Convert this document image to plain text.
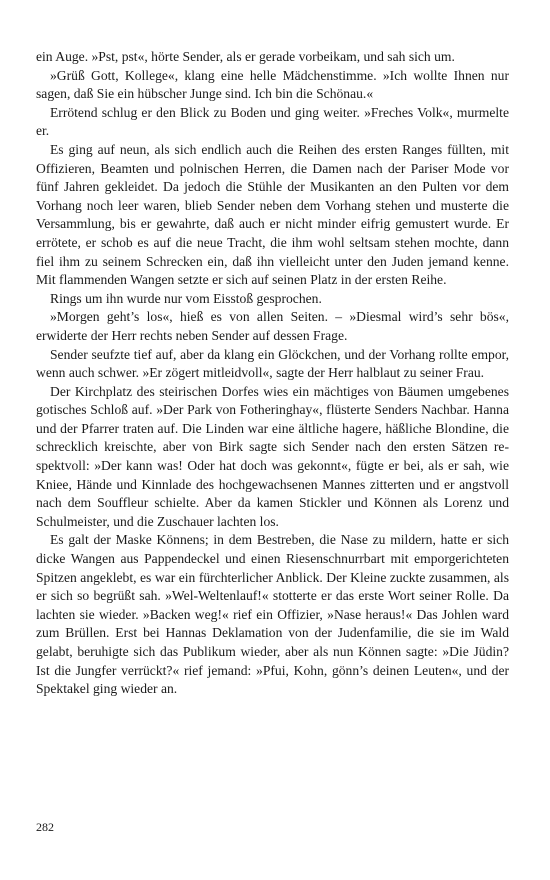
ein Auge. »Pst, pst«, hörte Sender, als er gerade vorbeikam, und sah sich um.

»Grüß Gott, Kollege«, klang eine helle Mädchenstimme. »Ich wollte Ihnen nur sagen, daß Sie ein hübscher Junge sind. Ich bin die Schönau.«

Errötend schlug er den Blick zu Boden und ging weiter. »Freches Volk«, murmelte er.

Es ging auf neun, als sich endlich auch die Reihen des ersten Ranges füllten, mit Offizieren, Beamten und polnischen Herren, die Damen nach der Pariser Mode vor fünf Jahren gekleidet. Da jedoch die Stühle der Musikanten an den Pulten vor dem Vorhang noch leer waren, blieb Sender neben dem Vorhang stehen und musterte die Versammlung, bis er gewahrte, daß auch er nicht minder eifrig gemustert wurde. Er errötete, er schob es auf die neue Tracht, die ihm wohl seltsam stehen mochte, dann fiel ihm zu seinem Schrecken ein, daß ihn vielleicht unter den Juden jemand kenne. Mit flammenden Wangen setzte er sich auf seinen Platz in der ersten Reihe.

Rings um ihn wurde nur vom Eisstoß gesprochen.

»Morgen geht’s los«, hieß es von allen Seiten. – »Diesmal wird’s sehr bös«, erwiderte der Herr rechts neben Sender auf dessen Frage.

Sender seufzte tief auf, aber da klang ein Glöckchen, und der Vorhang rollte empor, wenn auch schwer. »Er zögert mitleidvoll«, sagte der Herr halblaut zu seiner Frau.

Der Kirchplatz des steirischen Dorfes wies ein mächtiges von Bäumen umgebenes gotisches Schloß auf. »Der Park von Fotheringhay«, flüsterte Senders Nachbar. Hanna und der Pfarrer traten auf. Die Linden war eine ältliche hagere, häßliche Blondine, die schrecklich kreischte, aber von Birk sagte sich Sender nach den ersten Sätzen respektvoll: »Der kann was! Oder hat doch was gekonnt«, fügte er bei, als er sah, wie Kniee, Hände und Kinnlade des hochgewachsenen Mannes zitterten und er angstvoll nach dem Souffleur schielte. Aber da kamen Stickler und Können als Lorenz und Schulmeister, und die Zuschauer lachten los.

Es galt der Maske Könnens; in dem Bestreben, die Nase zu mildern, hatte er sich dicke Wangen aus Pappendeckel und einen Riesenschnurrbart mit emporgerichteten Spitzen angeklebt, es war ein fürchterlicher Anblick. Der Kleine zuckte zusammen, als er sich so begrüßt sah. »Wel-Weltenlauf!« stotterte er das erste Wort seiner Rolle. Da lachten sie wieder. »Backen weg!« rief ein Offizier, »Nase heraus!« Das Johlen ward zum Brüllen. Erst bei Hannas Deklamation von der Judenfamilie, die sie im Wald gelabt, beruhigte sich das Publikum wieder, aber als nun Können sagte: »Die Jüdin? Ist die Jungfer verrückt?« rief jemand: »Pfui, Kohn, gönn’s deinen Leuten«, und der Spektakel ging wieder an.

282
